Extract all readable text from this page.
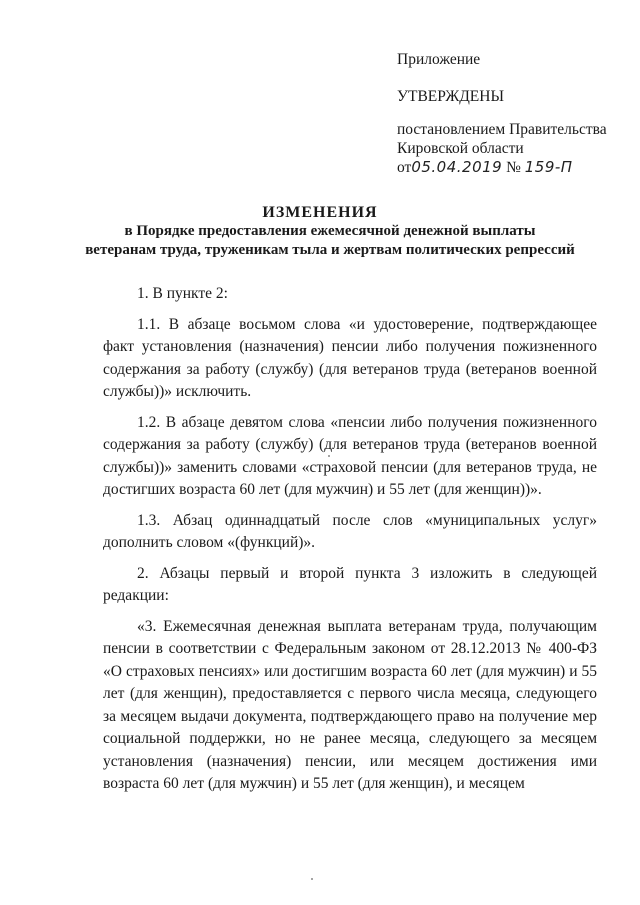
Приложение
УТВЕРЖДЕНЫ
постановлением Правительства
Кировской области
от05.04.2019 № 159-П
ИЗМЕНЕНИЯ
в Порядке предоставления ежемесячной денежной выплаты
ветеранам труда, труженикам тыла и жертвам политических репрессий

1. В пункте 2:

1.1. В абзаце восьмом слова «и удостоверение, подтверждающее факт установления (назначения) пенсии либо получения пожизненного содержания за работу (службу) (для ветеранов труда (ветеранов военной службы))» исключить.

1.2. В абзаце девятом слова «пенсии либо получения пожизненного содержания за работу (службу) (для ветеранов труда (ветеранов военной службы))» заменить словами «страховой пенсии (для ветеранов труда, не достигших возраста 60 лет (для мужчин) и 55 лет (для женщин))».

1.3. Абзац одиннадцатый после слов «муниципальных услуг» дополнить словом «(функций)».

2. Абзацы первый и второй пункта 3 изложить в следующей редакции:

«3. Ежемесячная денежная выплата ветеранам труда, получающим пенсии в соответствии с Федеральным законом от 28.12.2013 № 400-ФЗ «О страховых пенсиях» или достигшим возраста 60 лет (для мужчин) и 55 лет (для женщин), предоставляется с первого числа месяца, следующего за месяцем выдачи документа, подтверждающего право на получение мер социальной поддержки, но не ранее месяца, следующего за месяцем установления (назначения) пенсии, или месяцем достижения ими возраста 60 лет (для мужчин) и 55 лет (для женщин), и месяцем
